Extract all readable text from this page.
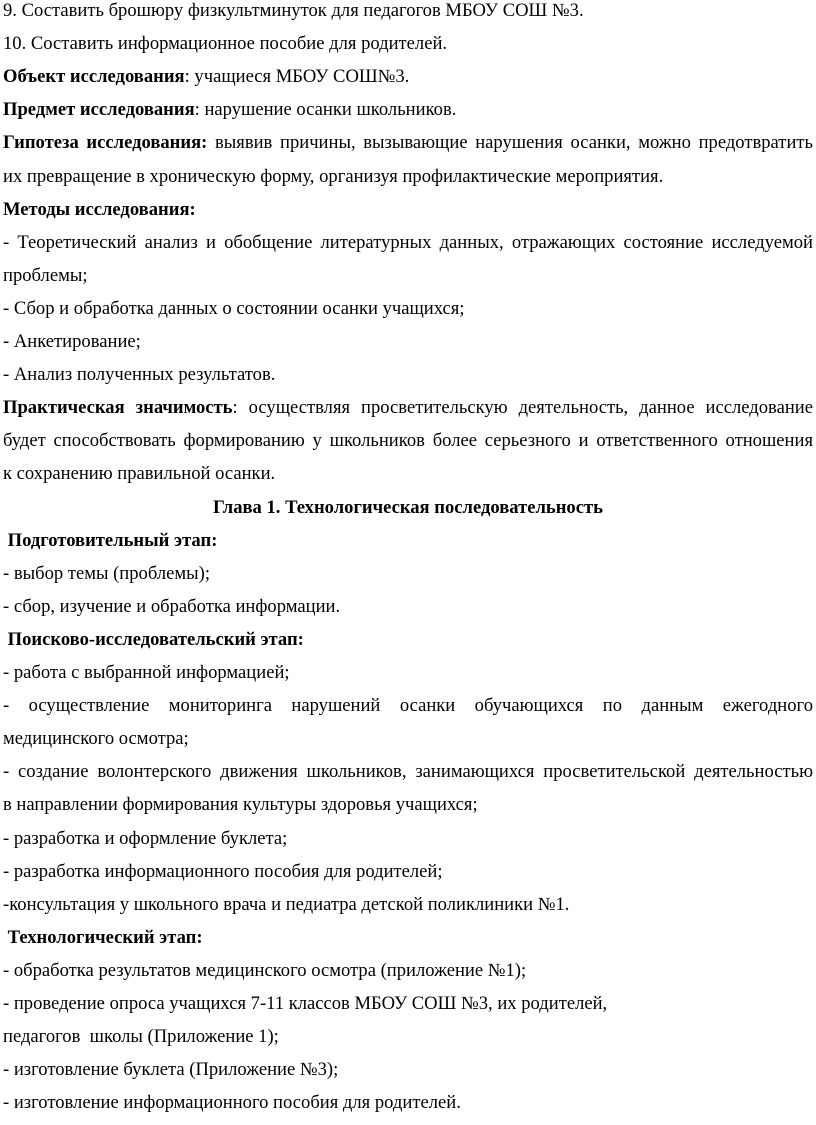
9. Составить брошюру физкультминуток для педагогов МБОУ СОШ №3.
10. Составить информационное пособие для родителей.
Объект исследования: учащиеся МБОУ СОШ№3.
Предмет исследования: нарушение осанки школьников.
Гипотеза исследования: выявив причины, вызывающие нарушения осанки, можно предотвратить
их превращение в хроническую форму, организуя профилактические мероприятия.
Методы исследования:
- Теоретический анализ и обобщение литературных данных, отражающих состояние исследуемой
проблемы;
- Сбор и обработка данных о состоянии осанки учащихся;
- Анкетирование;
- Анализ полученных результатов.
Практическая значимость: осуществляя просветительскую деятельность, данное исследование
будет способствовать формированию у школьников более серьезного и ответственного отношения
к сохранению правильной осанки.
Глава 1. Технологическая последовательность
Подготовительный этап:
- выбор темы (проблемы);
- сбор, изучение и обработка информации.
Поисково-исследовательский этап:
- работа с выбранной информацией;
- осуществление мониторинга нарушений осанки обучающихся по данным ежегодного
медицинского осмотра;
- создание волонтерского движения школьников, занимающихся просветительской деятельностью
в направлении формирования культуры здоровья учащихся;
- разработка и оформление буклета;
- разработка информационного пособия для родителей;
-консультация у школьного врача и педиатра детской поликлиники №1.
Технологический этап:
- обработка результатов медицинского осмотра (приложение №1);
- проведение опроса учащихся 7-11 классов МБОУ СОШ №3, их родителей,
педагогов  школы (Приложение 1);
- изготовление буклета (Приложение №3);
- изготовление информационного пособия для родителей.
